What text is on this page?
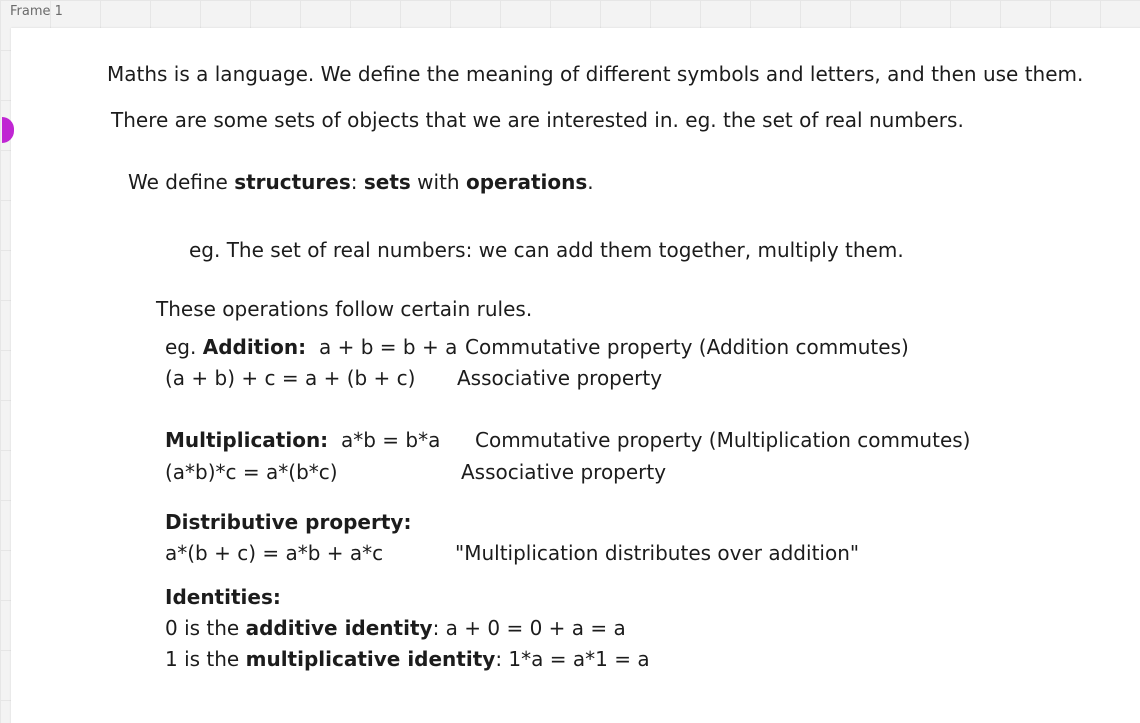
Frame 1
Maths is a language. We define the meaning of different symbols and letters, and then use them.
There are some sets of objects that we are interested in. eg. the set of real numbers.
We define structures: sets with operations.
eg. The set of real numbers: we can add them together, multiply them.
These operations follow certain rules.
eg. Addition: a + b = b + a Commutative property (Addition commutes)
(a + b) + c = a + (b + c) Associative property
Multiplication: a*b = b*a Commutative property (Multiplication commutes)
(a*b)*c = a*(b*c)	Associative property
Distributive property:
a*(b + c) = a*b + a*c	"Multiplication distributes over addition"
Identities:
0 is the additive identity: a + 0 = 0 + a = a
1 is the multiplicative identity: 1*a = a*1 = a
